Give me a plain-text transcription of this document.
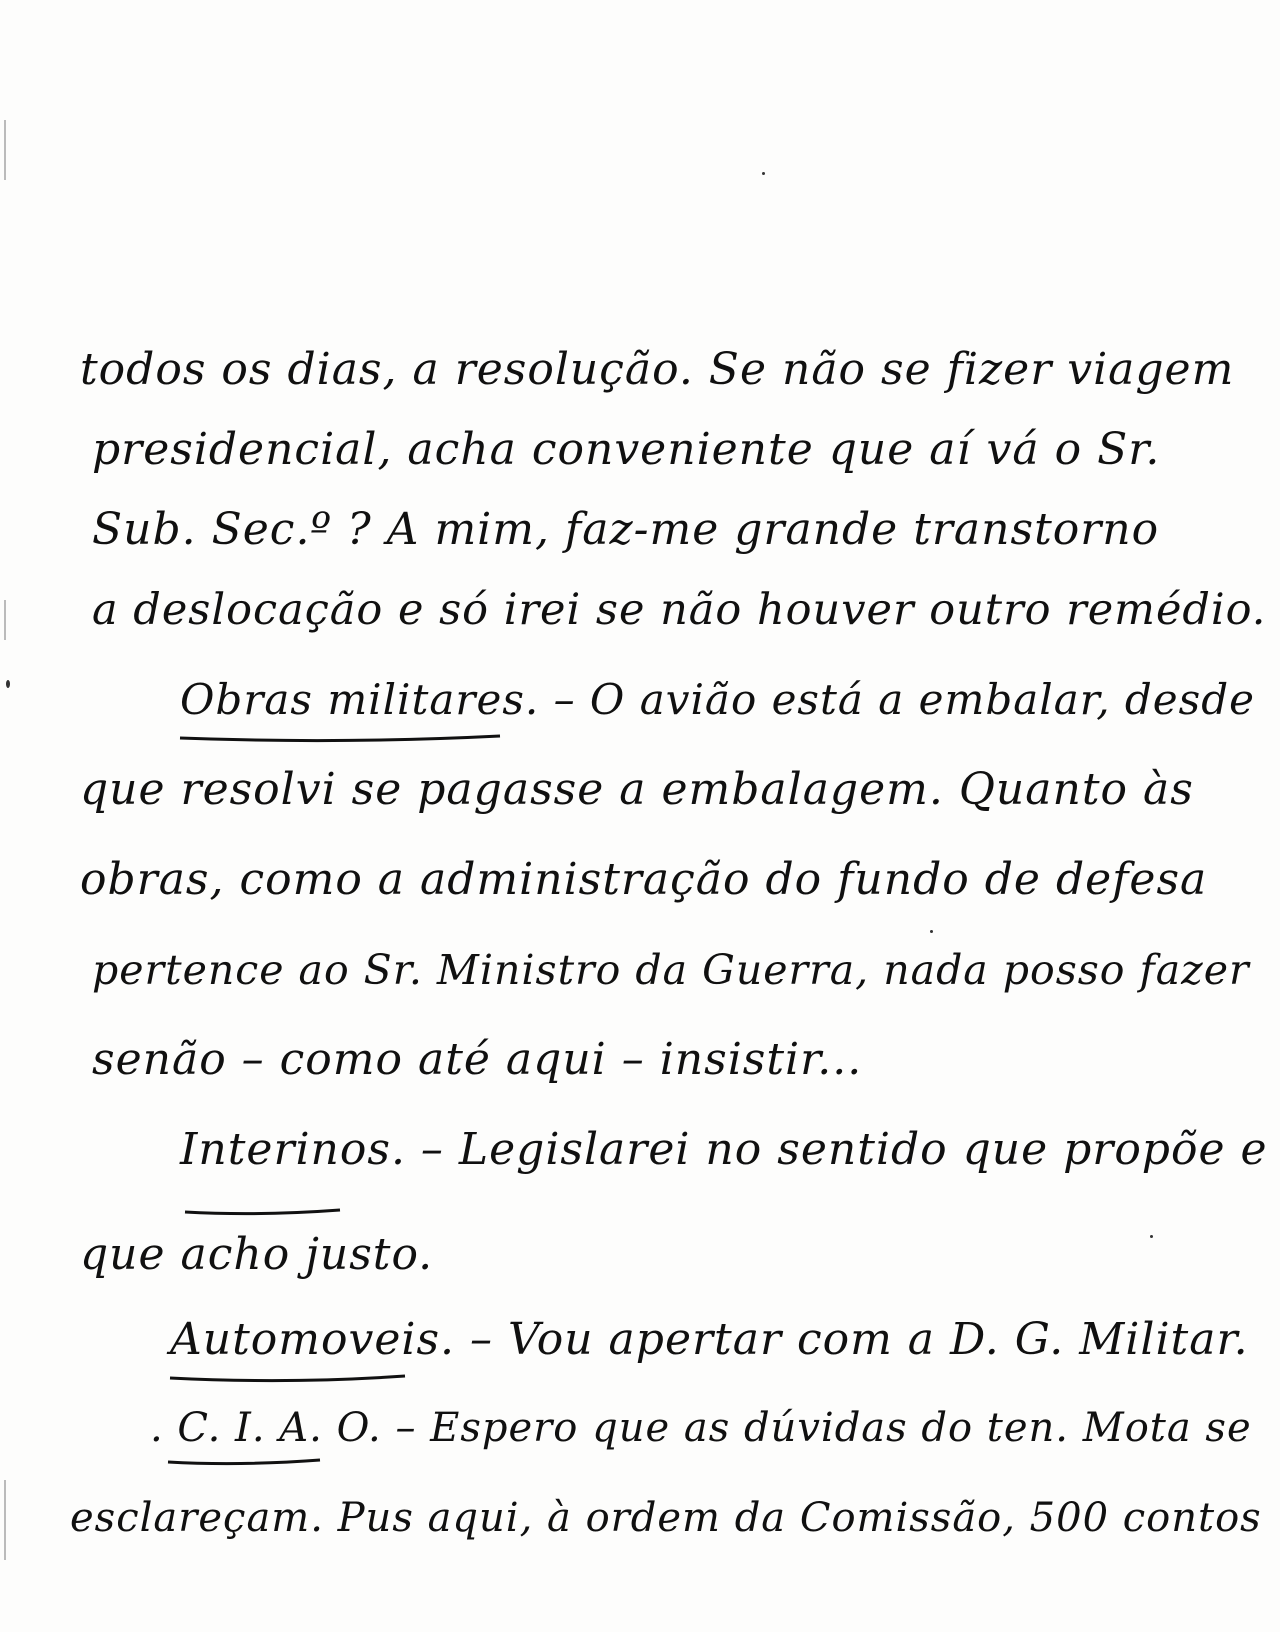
todos os dias, a resolução. Se não se fizer viagem
presidencial, acha conveniente que aí vá o Sr.
Sub. Sec.º ? A mim, faz-me grande transtorno
a deslocação e só irei se não houver outro remédio.
Obras militares. – O avião está a embalar, desde
que resolvi se pagasse a embalagem. Quanto às
obras, como a administração do fundo de defesa
pertence ao Sr. Ministro da Guerra, nada posso fazer
senão – como até aqui – insistir...
Interinos. – Legislarei no sentido que propõe e
que acho justo.
Automoveis. – Vou apertar com a D. G. Militar.
. C. I. A. O. – Espero que as dúvidas do ten. Mota se
esclareçam. Pus aqui, à ordem da Comissão, 500 contos
